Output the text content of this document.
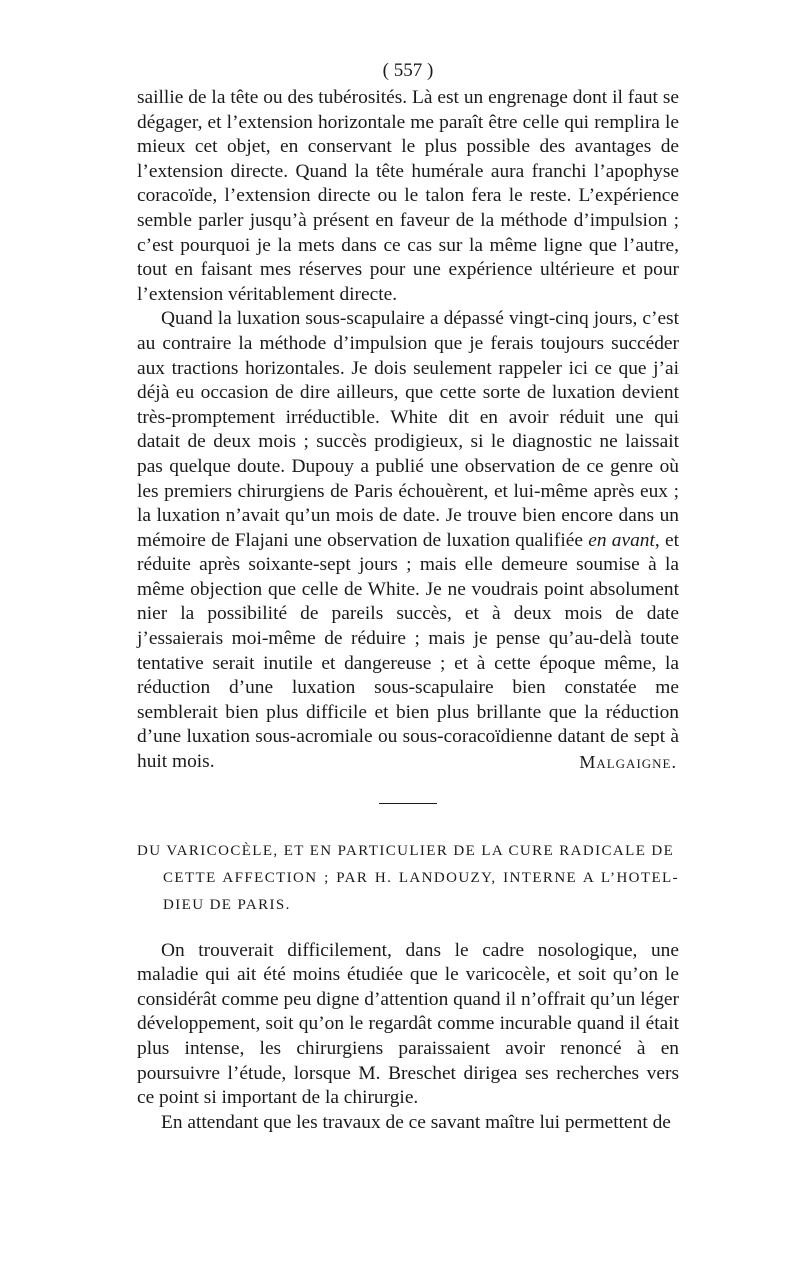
( 557 )

saillie de la tête ou des tubérosités. Là est un engrenage dont il faut se dégager, et l’extension horizontale me paraît être celle qui remplira le mieux cet objet, en conservant le plus possible des avantages de l’extension directe. Quand la tête humérale aura franchi l’apophyse coracoïde, l’extension directe ou le talon fera le reste. L’expérience semble parler jusqu’à présent en faveur de la méthode d’impulsion ; c’est pourquoi je la mets dans ce cas sur la même ligne que l’autre, tout en faisant mes réserves pour une expérience ultérieure et pour l’extension véritablement directe.

Quand la luxation sous-scapulaire a dépassé vingt-cinq jours, c’est au contraire la méthode d’impulsion que je ferais toujours succéder aux tractions horizontales. Je dois seulement rappeler ici ce que j’ai déjà eu occasion de dire ailleurs, que cette sorte de luxation devient très-promptement irréductible. White dit en avoir réduit une qui datait de deux mois ; succès prodigieux, si le diagnostic ne laissait pas quelque doute. Dupouy a publié une observation de ce genre où les premiers chirurgiens de Paris échouèrent, et lui-même après eux ; la luxation n’avait qu’un mois de date. Je trouve bien encore dans un mémoire de Flajani une observation de luxation qualifiée en avant, et réduite après soixante-sept jours ; mais elle demeure soumise à la même objection que celle de White. Je ne voudrais point absolument nier la possibilité de pareils succès, et à deux mois de date j’essaierais moi-même de réduire ; mais je pense qu’au-delà toute tentative serait inutile et dangereuse ; et à cette époque même, la réduction d’une luxation sous-scapulaire bien constatée me semblerait bien plus difficile et bien plus brillante que la réduction d’une luxation sous-acromiale ou sous-coracoïdienne datant de sept à huit mois.	Malgaigne.

DU VARICOCÈLE, ET EN PARTICULIER DE LA CURE RADICALE DE
CETTE AFFECTION ; PAR H. LANDOUZY, INTERNE A L’HOTEL-DIEU DE PARIS.

On trouverait difficilement, dans le cadre nosologique, une maladie qui ait été moins étudiée que le varicocèle, et soit qu’on le considérât comme peu digne d’attention quand il n’offrait qu’un léger développement, soit qu’on le regardât comme incurable quand il était plus intense, les chirurgiens paraissaient avoir renoncé à en poursuivre l’étude, lorsque M. Breschet dirigea ses recherches vers ce point si important de la chirurgie.

En attendant que les travaux de ce savant maître lui permettent de
